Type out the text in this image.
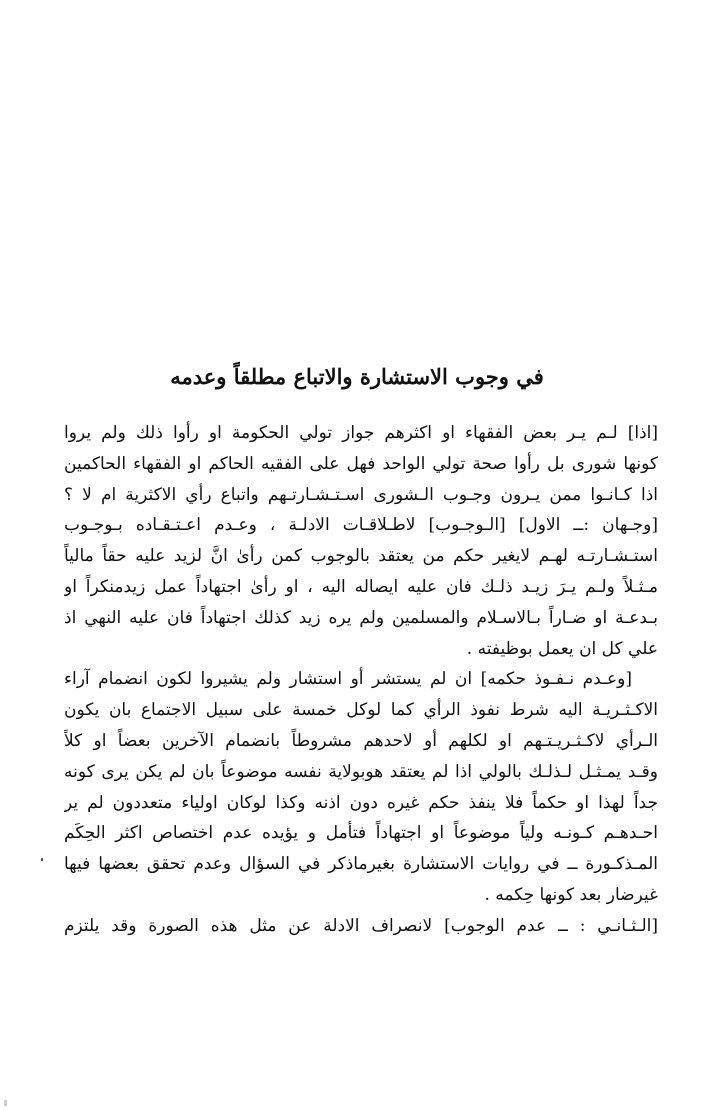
في وجوب الاستشارة والاتباع مطلقاً وعدمه
[اذا] لـم يـر بعض الفقهاء او اكثرهم جواز تولي الحكومة او رأوا ذلك ولم يروا
كونها شورى بل رأوا صحة تولي الواحد فهل على الفقيه الحاكم او الفقهاء الحاكمين
اذا كـانـوا ممن يـرون وجـوب الـشورى اسـتـشـارتـهم واتباع رأي الاكثرية ام لا ؟
[وجـهان :ــ الاول] [الـوجـوب] لاطـلاقـات الادلـة ، وعـدم اعـتـقـاده بـوجـوب
استـشـارتـه لهـم لايغير حكم من يعتقد بالوجوب كمن رأىٰ انَّ لزيد عليه حقاً مالياً
مـثـلاً ولـم يـرَ زيـد ذلـك فان عليه ايصاله اليه ، او رأىٰ اجتهاداً عمل زيدمنكراً او
بـدعـة او ضـاراً بـالاسـلام والمسلمين ولم يره زيد كذلك اجتهاداً فان عليه النهي اذ
علي كل ان يعمل بوظيفته .
[وعـدم نـفـوذ حكمه] ان لم يستشر أو استشار ولم يشيروا لكون انضمام آراء
الاكـثـريـة اليه شرط نفوذ الرأي كما لوكل خمسة على سبيل الاجتماع بان يكون
الـرأي لاكـثـريـتـهم او لكلهم أو لاحدهم مشروطاً بانضمام الآخرين بعضاً او كلاً
وقـد يمـثـل لـذلـك بالولي اذا لم يعتقد هوبولاية نفسه موضوعاً بان لم يكن يرى كونه
جداً لهذا او حكماً فلا ينفذ حكم غيره دون اذنه وكذا لوكان اولياء متعددون لم ير
احـدهـم كـونـه ولياً موضوعاً او اجتهاداً فتأمل و يؤيده عدم اختصاص اكثر الحِكَم
المـذكـورة ــ في روايات الاستشارة بغيرماذكر في السؤال وعدم تحقق بعضها فيها
غيرضار بعد كونها حِكمه .
[الـثـانـي : ــ عدم الوجوب] لانصراف الادلة عن مثل هذه الصورة وقد يلتزم
